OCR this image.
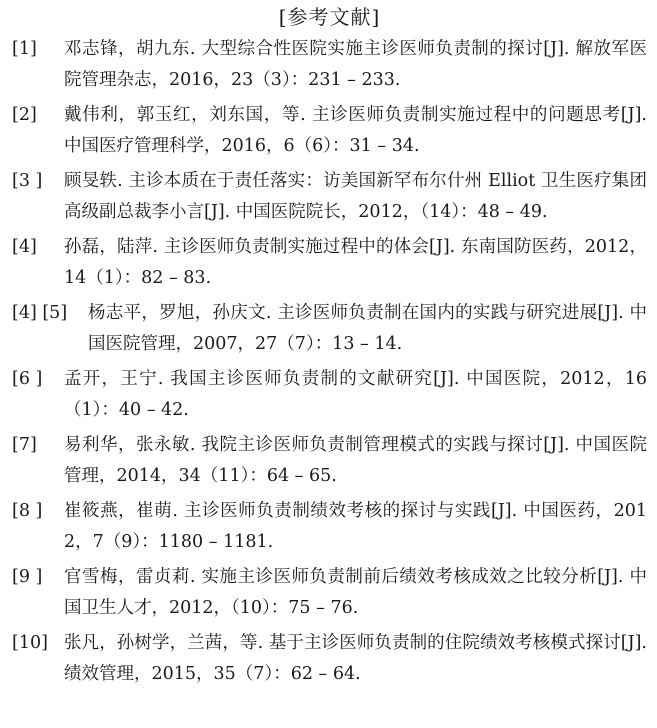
[参考文献]
[1]	邓志锋，胡九东. 大型综合性医院实施主诊医师负责制的探讨[J]. 解放军医院管理杂志，2016，23（3）：231 – 233.
[2]	戴伟利，郭玉红，刘东国，等. 主诊医师负责制实施过程中的问题思考[J]. 中国医疗管理科学，2016，6（6）：31 – 34.
[3 ]	顾旻轶. 主诊本质在于责任落实：访美国新罕布尔什州 Elliot 卫生医疗集团高级副总裁李小言[J]. 中国医院院长，2012，（14）：48 – 49.
[4]	孙磊，陆萍. 主诊医师负责制实施过程中的体会[J]. 东南国防医药，2012，14（1）：82 – 83.
[4] [5]	杨志平，罗旭，孙庆文. 主诊医师负责制在国内的实践与研究进展[J]. 中国医院管理，2007，27（7）：13 – 14.
[6 ]	孟开，王宁. 我国主诊医师负责制的文献研究[J]. 中国医院，2012，16（1）：40 – 42.
[7]	易利华，张永敏. 我院主诊医师负责制管理模式的实践与探讨[J]. 中国医院管理，2014，34（11）：64 – 65.
[8 ]	崔筱燕，崔萌. 主诊医师负责制绩效考核的探讨与实践[J]. 中国医药，2012，7（9）：1180 – 1181.
[9 ]	官雪梅，雷贞莉. 实施主诊医师负责制前后绩效考核成效之比较分析[J]. 中国卫生人才，2012，（10）：75 – 76.
[10] 张凡，孙树学，兰茜，等. 基于主诊医师负责制的住院绩效考核模式探讨[J]. 绩效管理，2015，35（7）：62 – 64.
